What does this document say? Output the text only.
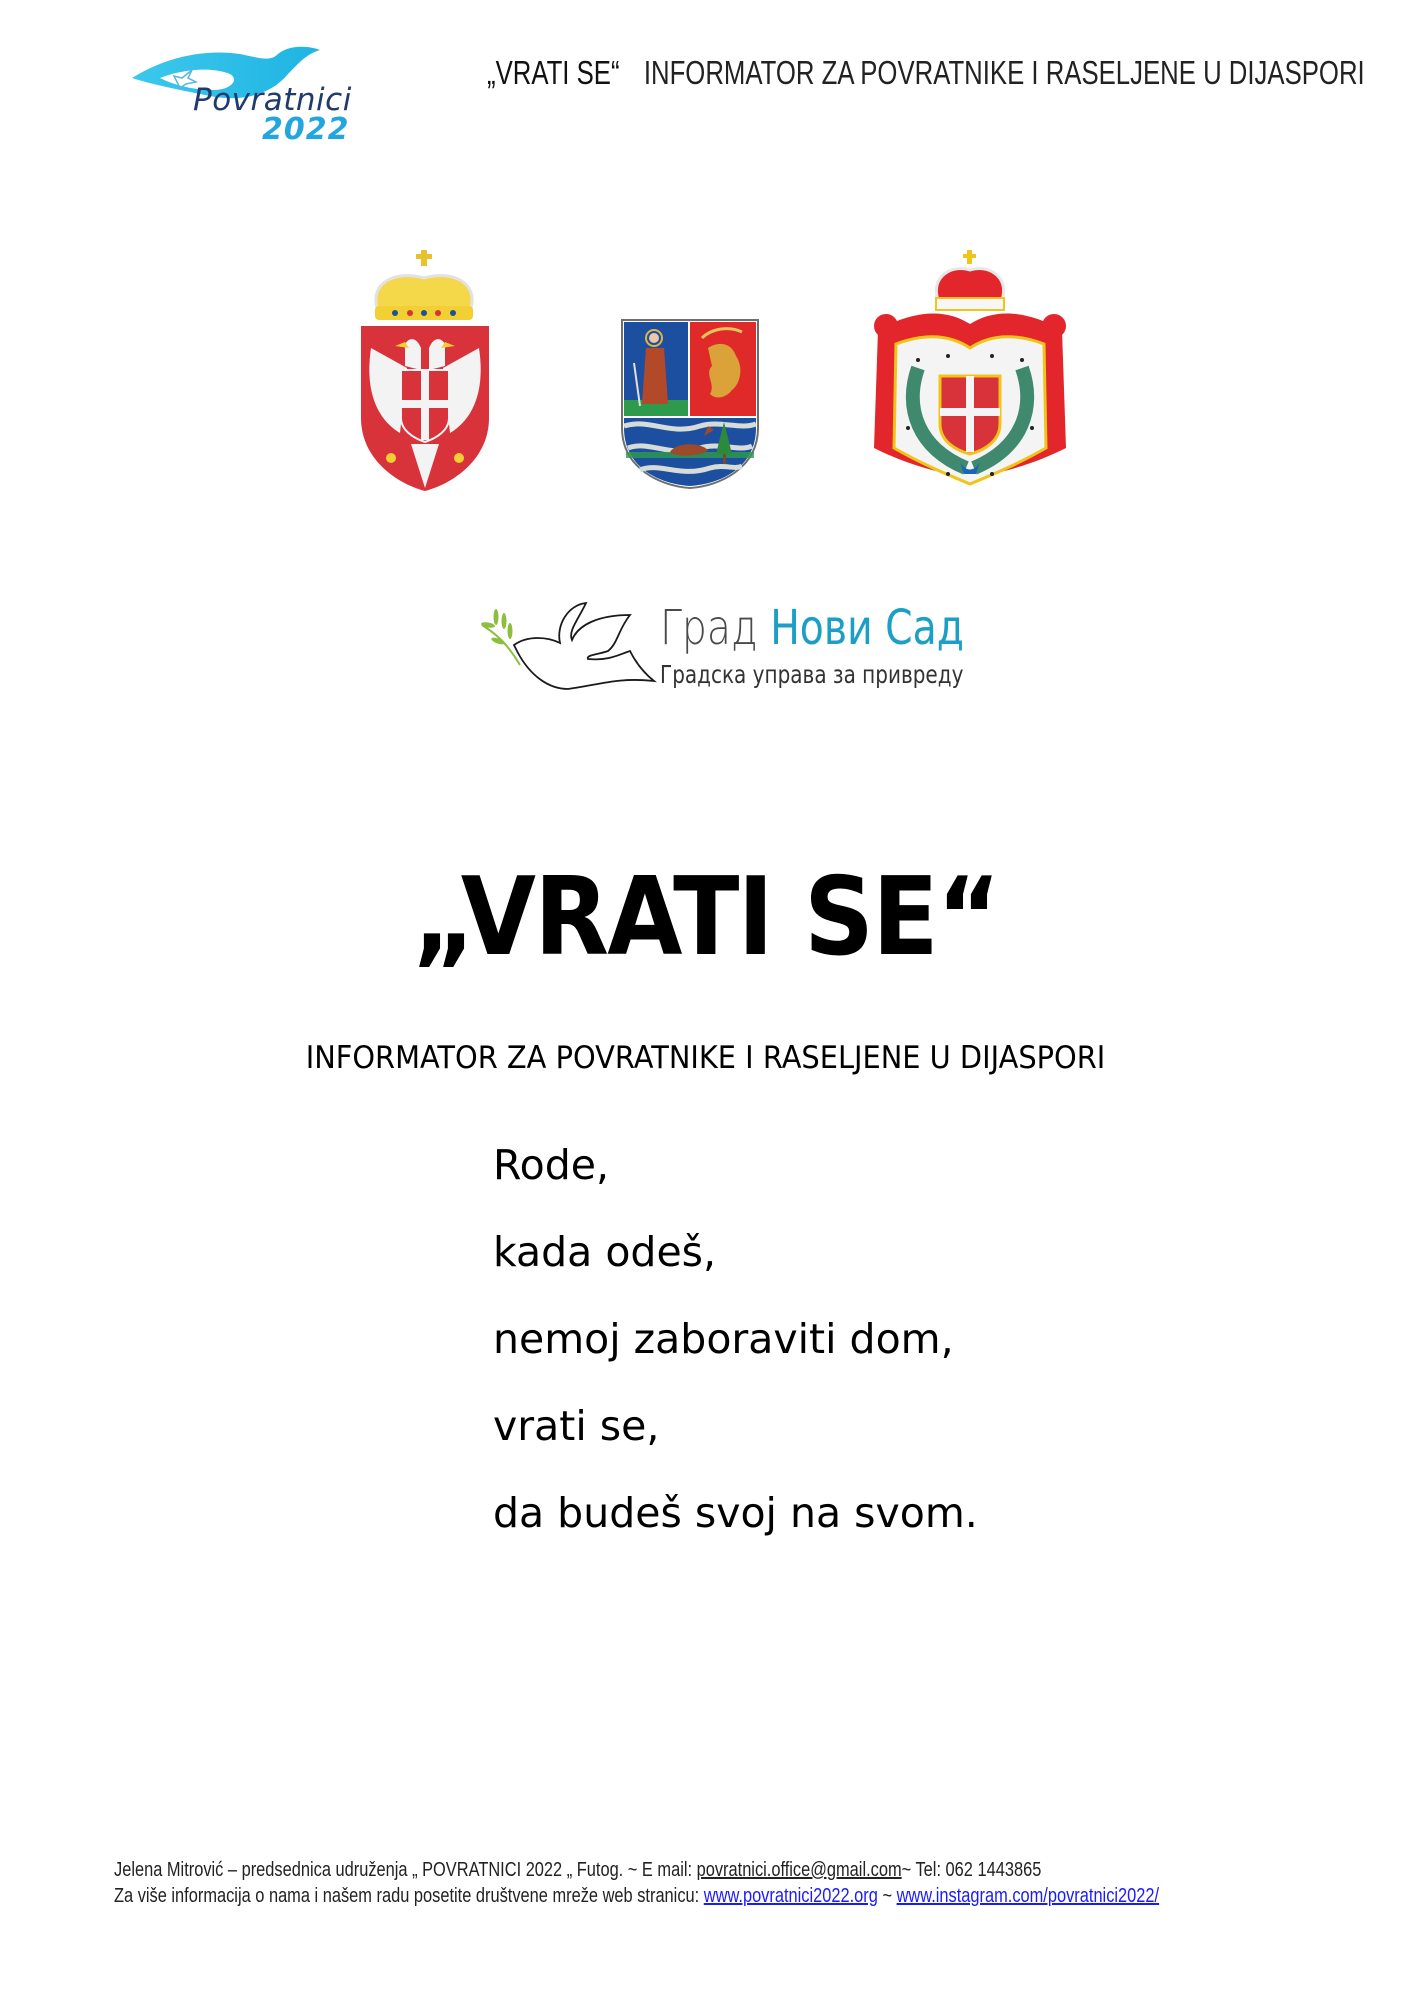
Povratnici
2022
„VRATI SE“ INFORMATOR ZA POVRATNIKE I RASELJENE U DIJASPORI
Град Нови Сад
Градска управа за привреду
„VRATI SE“
INFORMATOR ZA POVRATNIKE I RASELJENE U DIJASPORI
Rode,
kada odeš,
nemoj zaboraviti dom,
vrati se,
da budeš svoj na svom.
Jelena Mitrović – predsednica udruženja „ POVRATNICI 2022 „ Futog. ~ E mail: povratnici.office@gmail.com~ Tel: 062 1443865
Za više informacija o nama i našem radu posetite društvene mreže web stranicu: www.povratnici2022.org ~ www.instagram.com/povratnici2022/
